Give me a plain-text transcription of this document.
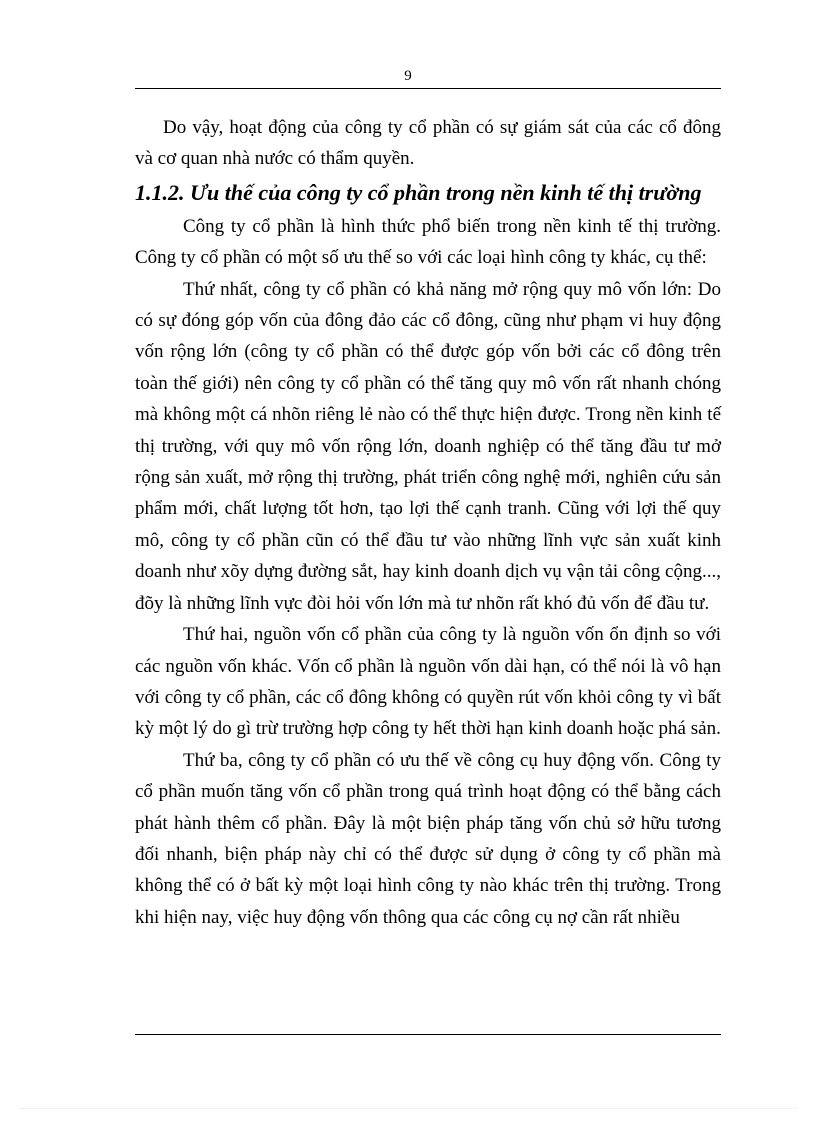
9

Do vậy, hoạt động của công ty cổ phần có sự giám sát của các cổ đông và cơ quan nhà nước có thẩm quyền.

1.1.2. Ưu thế của công ty cổ phần trong nền kinh tế thị trường

Công ty cổ phần là hình thức phổ biến trong nền kinh tế thị trường. Công ty cổ phần có một số ưu thế so với các loại hình công ty khác, cụ thể:

Thứ nhất, công ty cổ phần có khả năng mở rộng quy mô vốn lớn: Do có sự đóng góp vốn của đông đảo các cổ đông, cũng như phạm vi huy động vốn rộng lớn (công ty cổ phần có thể được góp vốn bởi các cổ đông trên toàn thế giới) nên công ty cổ phần có thể tăng quy mô vốn rất nhanh chóng mà không một cá nhõn riêng lẻ nào có thể thực hiện được. Trong nền kinh tế thị trường, với quy mô vốn rộng lớn, doanh nghiệp có thể tăng đầu tư mở rộng sản xuất, mở rộng thị trường, phát triển công nghệ mới, nghiên cứu sản phẩm mới, chất lượng tốt hơn, tạo lợi thế cạnh tranh. Cũng với lợi thế quy mô, công ty cổ phần cũn có thể đầu tư vào những lĩnh vực sản xuất kinh doanh như xõy dựng đường sắt, hay kinh doanh dịch vụ vận tải công cộng..., đõy là những lĩnh vực đòi hỏi vốn lớn mà tư nhõn rất khó đủ vốn để đầu tư.

Thứ hai, nguồn vốn cổ phần của công ty là nguồn vốn ổn định so với các nguồn vốn khác. Vốn cổ phần là nguồn vốn dài hạn, có thể nói là vô hạn với công ty cổ phần, các cổ đông không có quyền rút vốn khỏi công ty vì bất kỳ một lý do gì trừ trường hợp công ty hết thời hạn kinh doanh hoặc phá sản.

Thứ ba, công ty cổ phần có ưu thế về công cụ huy động vốn. Công ty cổ phần muốn tăng vốn cổ phần trong quá trình hoạt động có thể bằng cách phát hành thêm cổ phần. Đây là một biện pháp tăng vốn chủ sở hữu tương đối nhanh, biện pháp này chỉ có thể được sử dụng ở công ty cổ phần mà không thể có ở bất kỳ một loại hình công ty nào khác trên thị trường. Trong khi hiện nay, việc huy động vốn thông qua các công cụ nợ cần rất nhiều
